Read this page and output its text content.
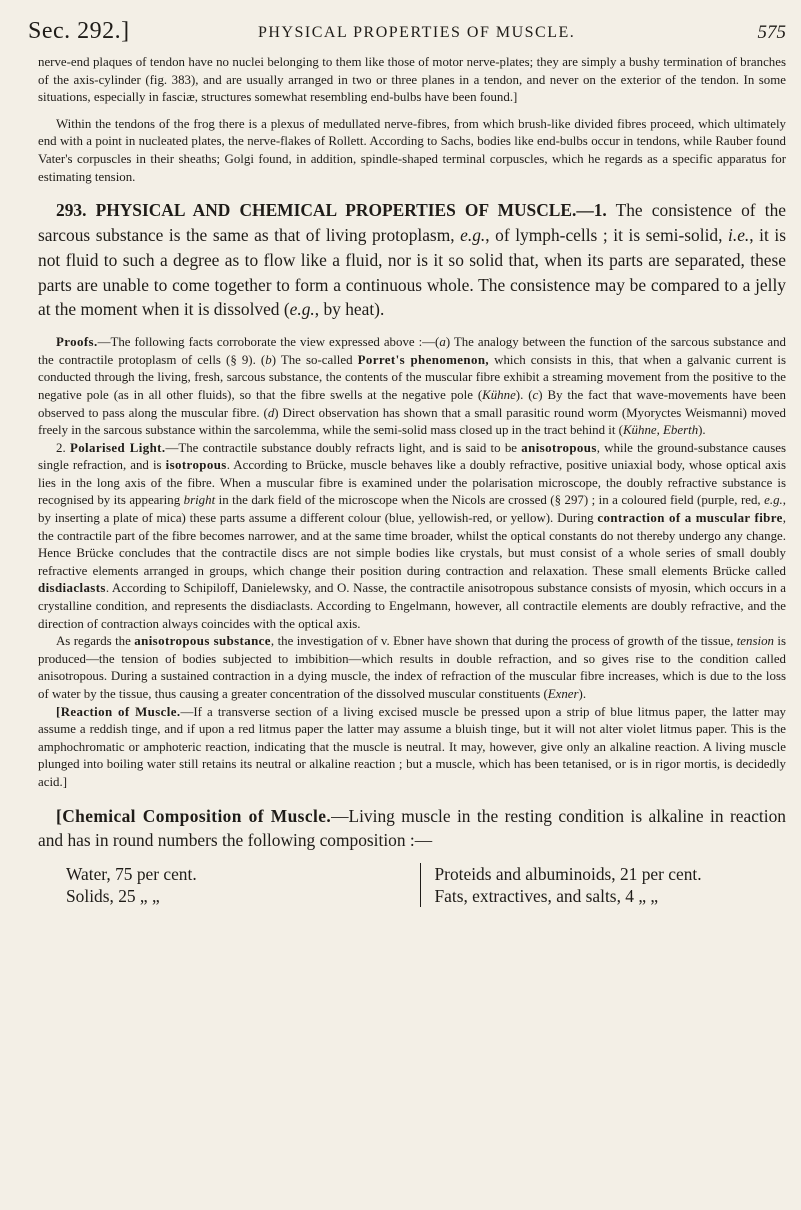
Sec. 292.]	PHYSICAL PROPERTIES OF MUSCLE.	575

nerve-end plaques of tendon have no nuclei belonging to them like those of motor nerve-plates; they are simply a bushy termination of branches of the axis-cylinder (fig. 383), and are usually arranged in two or three planes in a tendon, and never on the exterior of the tendon. In some situations, especially in fasciæ, structures somewhat resembling end-bulbs have been found.]

Within the tendons of the frog there is a plexus of medullated nerve-fibres, from which brush-like divided fibres proceed, which ultimately end with a point in nucleated plates, the nerve-flakes of Rollett. According to Sachs, bodies like end-bulbs occur in tendons, while Rauber found Vater's corpuscles in their sheaths; Golgi found, in addition, spindle-shaped terminal corpuscles, which he regards as a specific apparatus for estimating tension.

293. PHYSICAL AND CHEMICAL PROPERTIES OF MUSCLE.—1. The consistence of the sarcous substance is the same as that of living protoplasm, e.g., of lymph-cells ; it is semi-solid, i.e., it is not fluid to such a degree as to flow like a fluid, nor is it so solid that, when its parts are separated, these parts are unable to come together to form a continuous whole. The consistence may be compared to a jelly at the moment when it is dissolved (e.g., by heat).

Proofs.—The following facts corroborate the view expressed above :—(a) The analogy between the function of the sarcous substance and the contractile protoplasm of cells (§ 9). (b) The so-called Porret's phenomenon, which consists in this, that when a galvanic current is conducted through the living, fresh, sarcous substance, the contents of the muscular fibre exhibit a streaming movement from the positive to the negative pole (as in all other fluids), so that the fibre swells at the negative pole (Kühne). (c) By the fact that wave-movements have been observed to pass along the muscular fibre. (d) Direct observation has shown that a small parasitic round worm (Myoryctes Weismanni) moved freely in the sarcous substance within the sarcolemma, while the semi-solid mass closed up in the tract behind it (Kühne, Eberth).

2. Polarised Light.—The contractile substance doubly refracts light, and is said to be anisotropous, while the ground-substance causes single refraction, and is isotropous. According to Brücke, muscle behaves like a doubly refractive, positive uniaxial body, whose optical axis lies in the long axis of the fibre. When a muscular fibre is examined under the polarisation microscope, the doubly refractive substance is recognised by its appearing bright in the dark field of the microscope when the Nicols are crossed (§ 297) ; in a coloured field (purple, red, e.g., by inserting a plate of mica) these parts assume a different colour (blue, yellowish-red, or yellow). During contraction of a muscular fibre, the contractile part of the fibre becomes narrower, and at the same time broader, whilst the optical constants do not thereby undergo any change. Hence Brücke concludes that the contractile discs are not simple bodies like crystals, but must consist of a whole series of small doubly refractive elements arranged in groups, which change their position during contraction and relaxation. These small elements Brücke called disdiaclasts. According to Schipiloff, Danielewsky, and O. Nasse, the contractile anisotropous substance consists of myosin, which occurs in a crystalline condition, and represents the disdiaclasts. According to Engelmann, however, all contractile elements are doubly refractive, and the direction of contraction always coincides with the optical axis.

As regards the anisotropous substance, the investigation of v. Ebner have shown that during the process of growth of the tissue, tension is produced—the tension of bodies subjected to imbibition—which results in double refraction, and so gives rise to the condition called anisotropous. During a sustained contraction in a dying muscle, the index of refraction of the muscular fibre increases, which is due to the loss of water by the tissue, thus causing a greater concentration of the dissolved muscular constituents (Exner).

[Reaction of Muscle.—If a transverse section of a living excised muscle be pressed upon a strip of blue litmus paper, the latter may assume a reddish tinge, and if upon a red litmus paper the latter may assume a bluish tinge, but it will not alter violet litmus paper. This is the amphochromatic or amphoteric reaction, indicating that the muscle is neutral. It may, however, give only an alkaline reaction. A living muscle plunged into boiling water still retains its neutral or alkaline reaction ; but a muscle, which has been tetanised, or is in rigor mortis, is decidedly acid.]

[Chemical Composition of Muscle.—Living muscle in the resting condition is alkaline in reaction and has in round numbers the following composition :—

Water, 75 per cent.
Solids, 25 „ „
Proteids and albuminoids, 21 per cent.
Fats, extractives, and salts, 4 „ „
